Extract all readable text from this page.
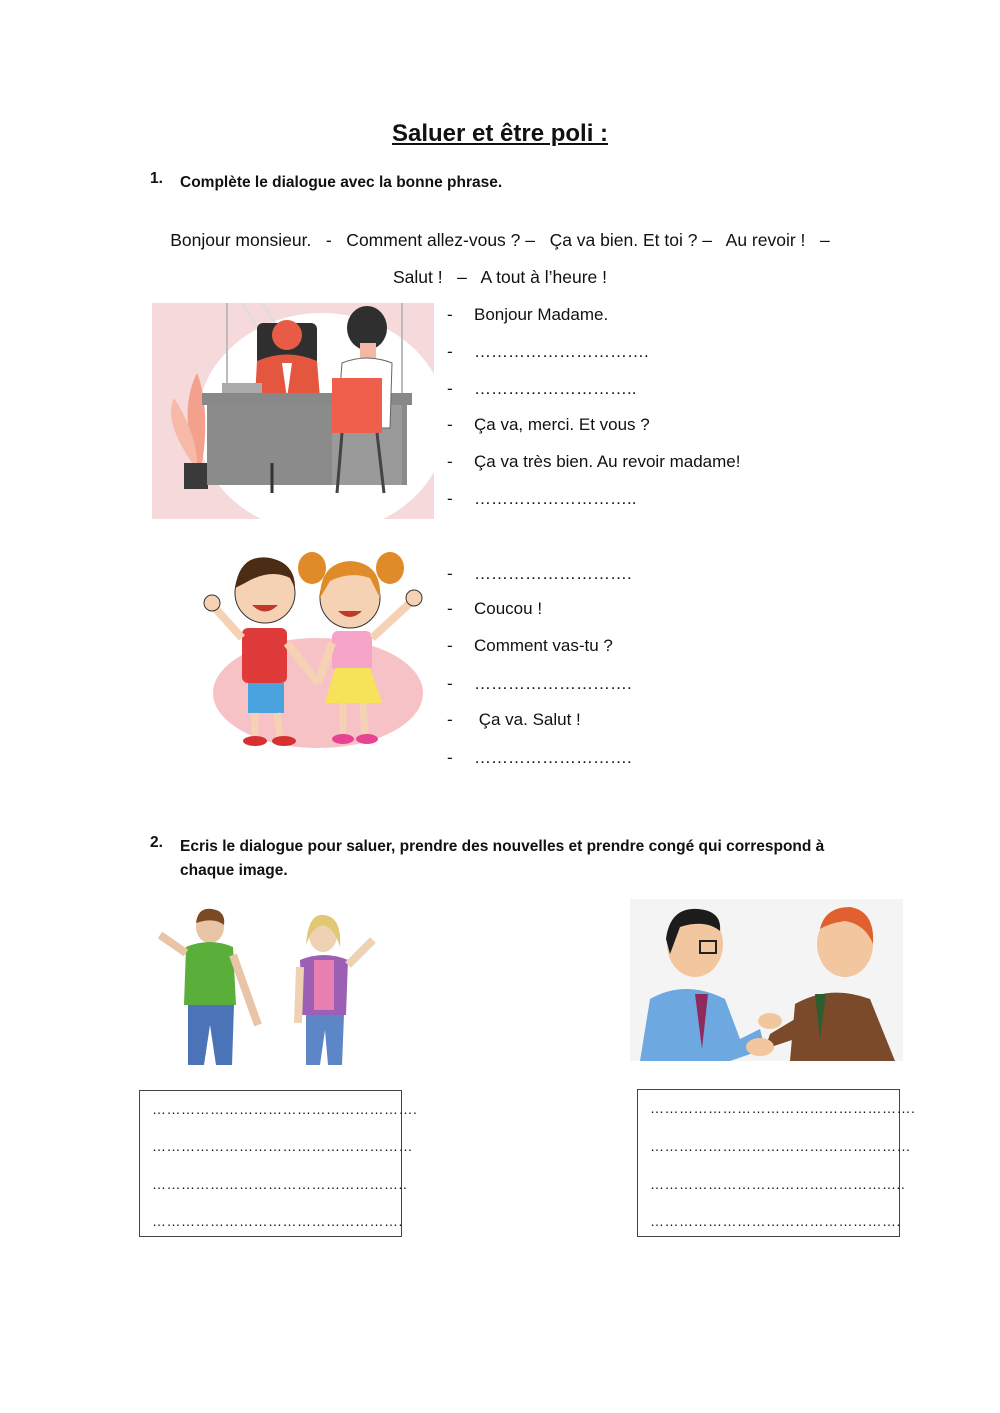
Saluer et être poli :
1. Complète le dialogue avec la bonne phrase.
Bonjour monsieur.   -   Comment allez-vous ? –   Ça va bien. Et toi ? –   Au revoir !   –
Salut !   –   A tout à l’heure !
- Bonjour Madame.
- ………………………….
- ………………………..
- Ça va, merci. Et vous ?
- Ça va très bien. Au revoir madame!
- ………………………..
- ……………………….
- Coucou !
- Comment vas-tu ?
- ……………………….
- Ça va. Salut !
- ……………………….
2. Ecris le dialogue pour saluer, prendre des nouvelles et prendre congé qui correspond à
chaque image.
……………………………………………….
………………………………………………
……………………………………………..
…………………………………………….
……………………………………………….
………………………………………………
……………………………………………..
…………………………………………….
